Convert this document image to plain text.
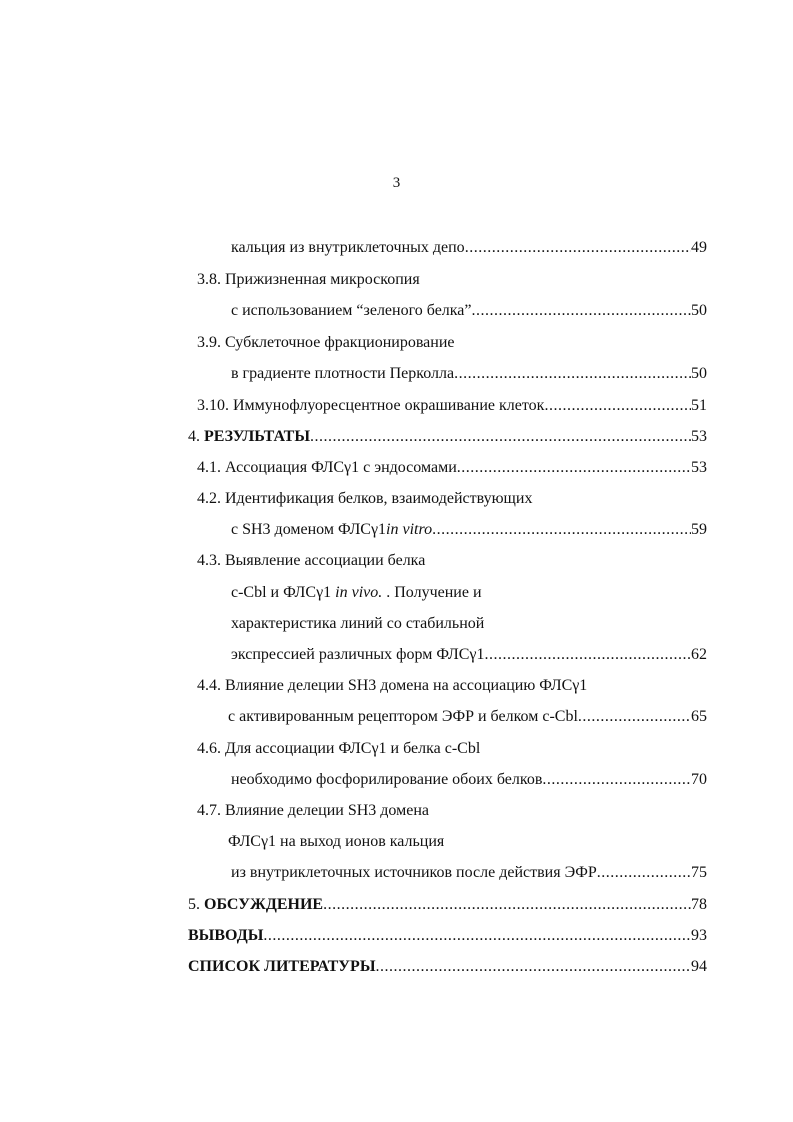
3
кальция из внутриклеточных депо .....	49
3.8. Прижизненная микроскопия
с использованием “зеленого белка” .....	50
3.9. Субклеточное фракционирование
в градиенте плотности Перколла .....	50
3.10. Иммунофлуоресцентное окрашивание клеток .....	51
4. РЕЗУЛЬТАТЫ .....	53
4.1. Ассоциация ФЛСγ1 с эндосомами .....	53
4.2. Идентификация белков, взаимодействующих
с SH3 доменом ФЛСγ1 in vitro .....	59
4.3. Выявление ассоциации белка
c-Cbl и ФЛСγ1 in vivo. . Получение и
характеристика линий со стабильной
экспрессией различных форм ФЛСγ1 .....	62
4.4. Влияние делеции SH3 домена на ассоциацию ФЛСγ1
с активированным рецептором ЭФР и белком c-Cbl .....	65
4.6. Для ассоциации ФЛСγ1 и белка c-Cbl
необходимо фосфорилирование обоих белков .....	70
4.7. Влияние делеции SH3 домена
ФЛСγ1 на выход ионов кальция
из внутриклеточных источников после действия ЭФР .....	75
5. ОБСУЖДЕНИЕ .....	78
ВЫВОДЫ .....	93
СПИСОК ЛИТЕРАТУРЫ .....	94
